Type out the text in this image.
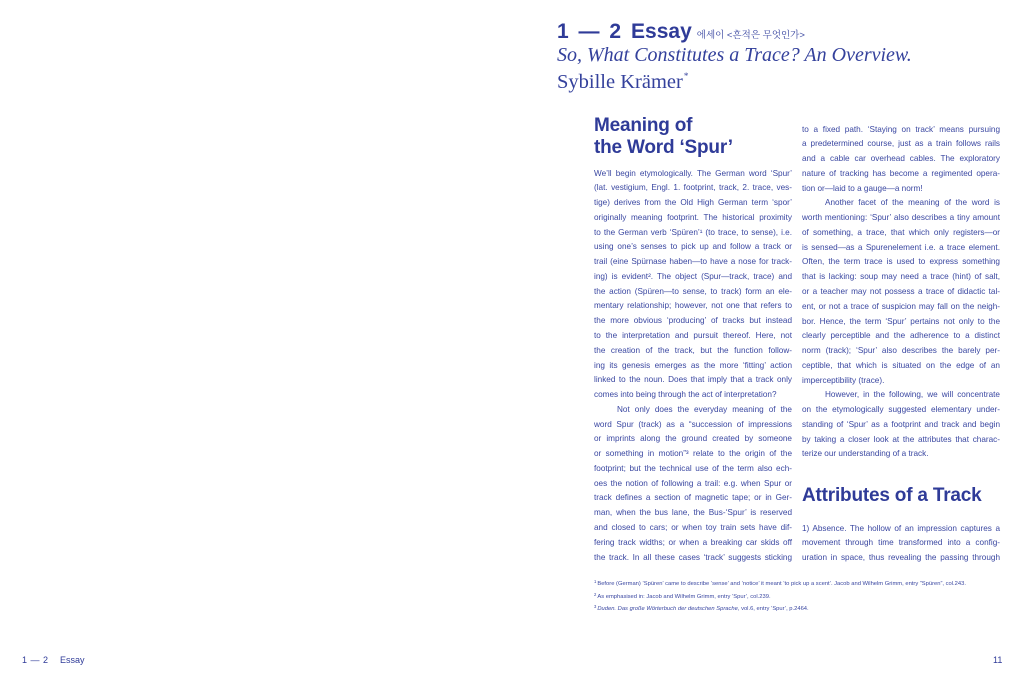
1 — 2 Essay 에세이 <흔적은 무엇인가>
So, What Constitutes a Trace? An Overview.
Sybille Krämer*
Meaning of
the Word ‘Spur’
We’ll begin etymologically. The German word ‘Spur’
(lat. vestigium, Engl. 1. footprint, track, 2. trace, ves-
tige) derives from the Old High German term ‘spor’
originally meaning footprint. The historical proximity
to the German verb ‘Spüren’¹ (to trace, to sense), i.e.
using one’s senses to pick up and follow a track or
trail (eine Spürnase haben—to have a nose for track-
ing) is evident². The object (Spur—track, trace) and
the action (Spüren—to sense, to track) form an ele-
mentary relationship; however, not one that refers to
the more obvious ‘producing’ of tracks but instead
to the interpretation and pursuit thereof. Here, not
the creation of the track, but the function follow-
ing its genesis emerges as the more ‘fitting’ action
linked to the noun. Does that imply that a track only
comes into being through the act of interpretation?
Not only does the everyday meaning of the
word Spur (track) as a “succession of impressions
or imprints along the ground created by someone
or something in motion”³ relate to the origin of the
footprint; but the technical use of the term also ech-
oes the notion of following a trail: e.g. when Spur or
track defines a section of magnetic tape; or in Ger-
man, when the bus lane, the Bus-‘Spur’ is reserved
and closed to cars; or when toy train sets have dif-
fering track widths; or when a breaking car skids off
the track. In all these cases ‘track’ suggests sticking
to a fixed path. ‘Staying on track’ means pursuing
a predetermined course, just as a train follows rails
and a cable car overhead cables. The exploratory
nature of tracking has become a regimented opera-
tion or—laid to a gauge—a norm!
Another facet of the meaning of the word is
worth mentioning: ‘Spur’ also describes a tiny amount
of something, a trace, that which only registers—or
is sensed—as a Spurenelement i.e. a trace element.
Often, the term trace is used to express something
that is lacking: soup may need a trace (hint) of salt,
or a teacher may not possess a trace of didactic tal-
ent, or not a trace of suspicion may fall on the neigh-
bor. Hence, the term ‘Spur’ pertains not only to the
clearly perceptible and the adherence to a distinct
norm (track); ‘Spur’ also describes the barely per-
ceptible, that which is situated on the edge of an
imperceptibility (trace).
However, in the following, we will concentrate
on the etymologically suggested elementary under-
standing of ‘Spur’ as a footprint and track and begin
by taking a closer look at the attributes that charac-
terize our understanding of a track.
Attributes of a Track
1) Absence. The hollow of an impression captures a
movement through time transformed into a config-
uration in space, thus revealing the passing through
$^1$Before (German) ‘Spüren’ came to describe ‘sense’ and ‘notice’ it meant ‘to pick up a scent’. Jacob and Wilhelm Grimm, entry “Spüren”, col.243.
$^2$As emphasised in: Jacob and Wilhelm Grimm, entry ‘Spur’, col.239.
$^3$Duden. Das große Wörterbuch der deutschen Sprache, vol.6, entry ‘Spur’, p.2464.
1 — 2 Essay	11
